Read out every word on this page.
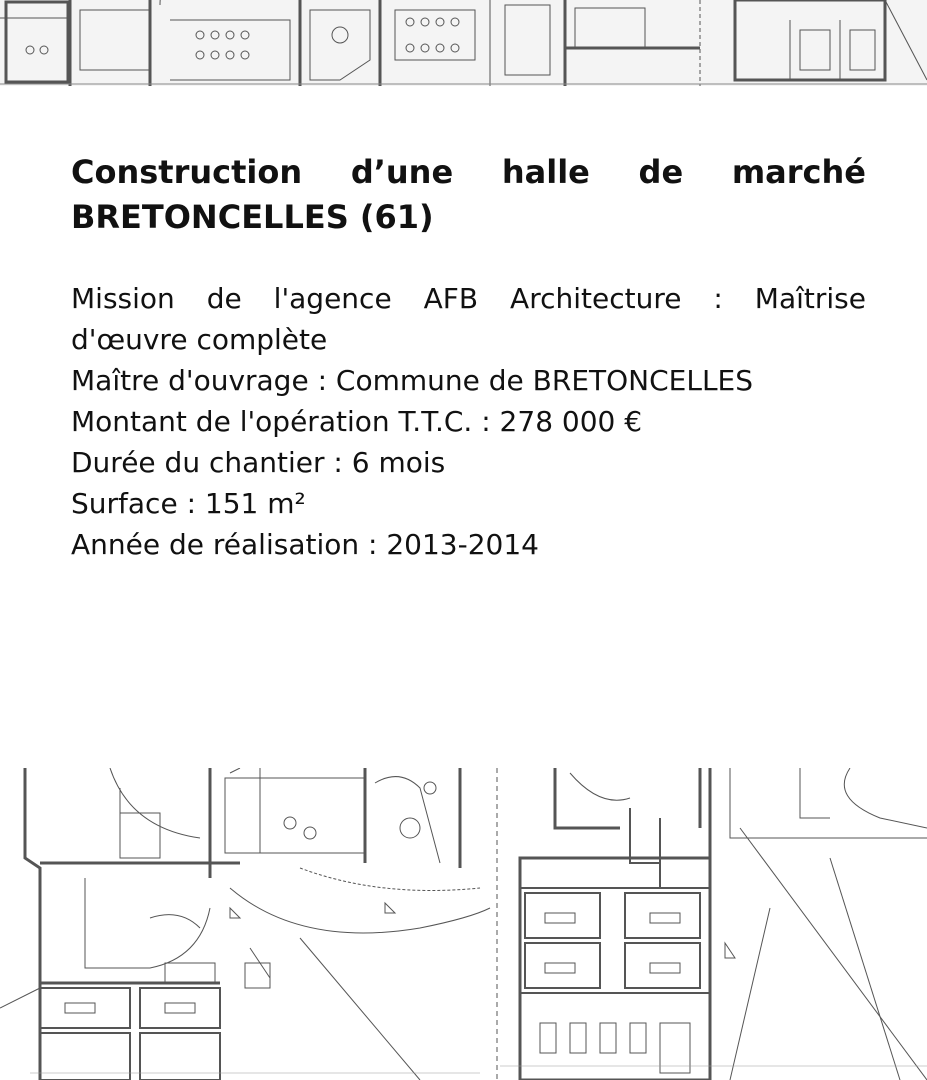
Construction d’une halle de marché
BRETONCELLES (61)
Mission de l'agence AFB Architecture : Maîtrise
d'œuvre complète
Maître d'ouvrage : Commune de BRETONCELLES
Montant de l'opération T.T.C. : 278 000 €
Durée du chantier : 6 mois
Surface : 151 m²
Année de réalisation : 2013-2014
